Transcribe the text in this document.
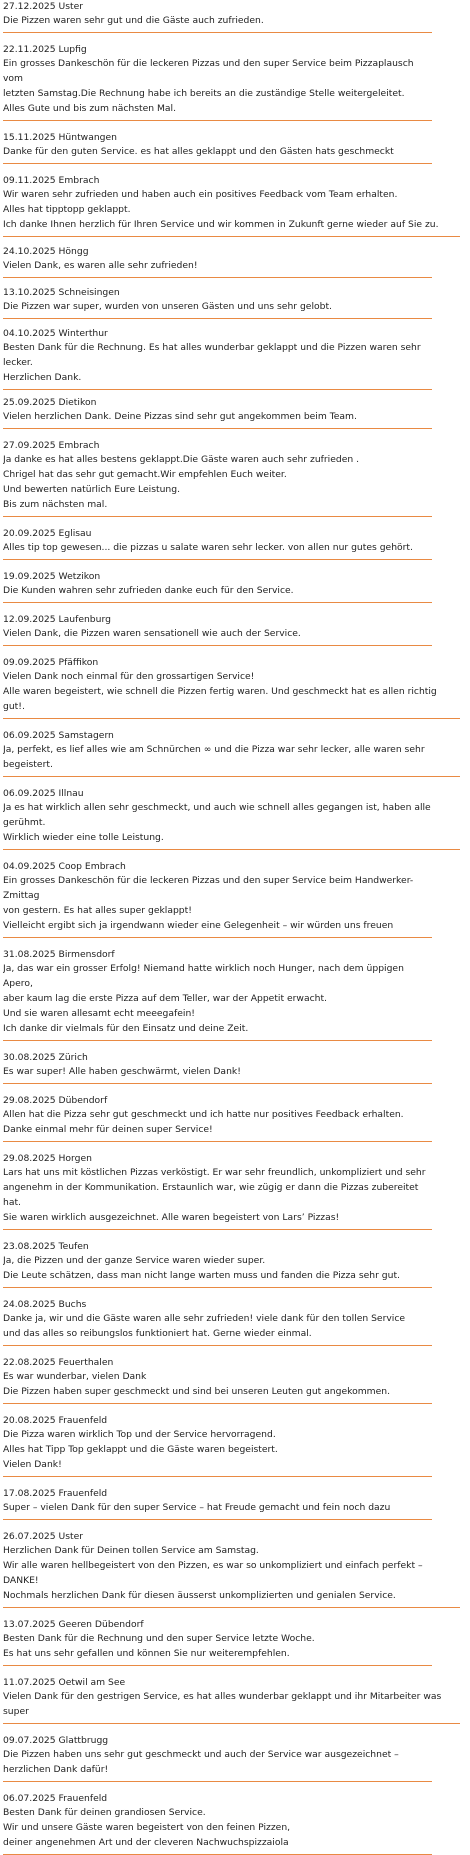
27.12.2025 Uster
Die Pizzen waren sehr gut und die Gäste auch zufrieden.
22.11.2025 Lupfig
Ein grosses Dankeschön für die leckeren Pizzas und den super Service beim Pizzaplausch vom
letzten Samstag.Die Rechnung habe ich bereits an die zuständige Stelle weitergeleitet.
Alles Gute und bis zum nächsten Mal.
15.11.2025 Hüntwangen
Danke für den guten Service. es hat alles geklappt und den Gästen hats geschmeckt
09.11.2025 Embrach
Wir waren sehr zufrieden und haben auch ein positives Feedback vom Team erhalten.
Alles hat tipptopp geklappt.
Ich danke Ihnen herzlich für Ihren Service und wir kommen in Zukunft gerne wieder auf Sie zu.
24.10.2025 Höngg
Vielen Dank, es waren alle sehr zufrieden!
13.10.2025 Schneisingen
Die Pizzen war super, wurden von unseren Gästen und uns sehr gelobt.
04.10.2025 Winterthur
Besten Dank für die Rechnung. Es hat alles wunderbar geklappt und die Pizzen waren sehr lecker.
Herzlichen Dank.
25.09.2025 Dietikon
Vielen herzlichen Dank. Deine Pizzas sind sehr gut angekommen beim Team.
27.09.2025 Embrach
Ja danke es hat alles bestens geklappt.Die Gäste waren auch sehr zufrieden .
Chrigel hat das sehr gut gemacht.Wir empfehlen Euch weiter.
Und bewerten natürlich Eure Leistung.
Bis zum nächsten mal.
20.09.2025 Eglisau
Alles tip top gewesen... die pizzas u salate waren sehr lecker. von allen nur gutes gehört.
19.09.2025 Wetzikon
Die Kunden wahren sehr zufrieden danke euch für den Service.
12.09.2025 Laufenburg
Vielen Dank, die Pizzen waren sensationell wie auch der Service.
09.09.2025 Pfäffikon
Vielen Dank noch einmal für den grossartigen Service!
Alle waren begeistert, wie schnell die Pizzen fertig waren. Und geschmeckt hat es allen richtig gut!.
06.09.2025 Samstagern
Ja, perfekt, es lief alles wie am Schnürchen ∞ und die Pizza war sehr lecker, alle waren sehr begeistert.
06.09.2025 Illnau
Ja es hat wirklich allen sehr geschmeckt, und auch wie schnell alles gegangen ist, haben alle gerühmt.
Wirklich wieder eine tolle Leistung.
04.09.2025 Coop Embrach
Ein grosses Dankeschön für die leckeren Pizzas und den super Service beim Handwerker-Zmittag
von gestern. Es hat alles super geklappt!
Vielleicht ergibt sich ja irgendwann wieder eine Gelegenheit – wir würden uns freuen
31.08.2025 Birmensdorf
Ja, das war ein grosser Erfolg! Niemand hatte wirklich noch Hunger, nach dem üppigen Apero,
aber kaum lag die erste Pizza auf dem Teller, war der Appetit erwacht.
Und sie waren allesamt echt meeegafein!
Ich danke dir vielmals für den Einsatz und deine Zeit.
30.08.2025 Zürich
Es war super! Alle haben geschwärmt, vielen Dank!
29.08.2025 Dübendorf
Allen hat die Pizza sehr gut geschmeckt und ich hatte nur positives Feedback erhalten.
Danke einmal mehr für deinen super Service!
29.08.2025 Horgen
Lars hat uns mit köstlichen Pizzas verköstigt. Er war sehr freundlich, unkompliziert und sehr
angenehm in der Kommunikation. Erstaunlich war, wie zügig er dann die Pizzas zubereitet hat.
Sie waren wirklich ausgezeichnet. Alle waren begeistert von Lars’ Pizzas!
23.08.2025 Teufen
Ja, die Pizzen und der ganze Service waren wieder super.
Die Leute schätzen, dass man nicht lange warten muss und fanden die Pizza sehr gut.
24.08.2025 Buchs
Danke ja, wir und die Gäste waren alle sehr zufrieden! viele dank für den tollen Service
und das alles so reibungslos funktioniert hat. Gerne wieder einmal.
22.08.2025 Feuerthalen
Es war wunderbar, vielen Dank
Die Pizzen haben super geschmeckt und sind bei unseren Leuten gut angekommen.
20.08.2025 Frauenfeld
Die Pizza waren wirklich Top und der Service hervorragend.
Alles hat Tipp Top geklappt und die Gäste waren begeistert.
Vielen Dank!
17.08.2025 Frauenfeld
Super – vielen Dank für den super Service – hat Freude gemacht und fein noch dazu
26.07.2025 Uster
Herzlichen Dank für Deinen tollen Service am Samstag.
Wir alle waren hellbegeistert von den Pizzen, es war so unkompliziert und einfach perfekt – DANKE!
Nochmals herzlichen Dank für diesen äusserst unkomplizierten und genialen Service.
13.07.2025 Geeren Dübendorf
Besten Dank für die Rechnung und den super Service letzte Woche.
Es hat uns sehr gefallen und können Sie nur weiterempfehlen.
11.07.2025 Oetwil am See
Vielen Dank für den gestrigen Service, es hat alles wunderbar geklappt und ihr Mitarbeiter was super
09.07.2025 Glattbrugg
Die Pizzen haben uns sehr gut geschmeckt und auch der Service war ausgezeichnet –
herzlichen Dank dafür!
06.07.2025 Frauenfeld
Besten Dank für deinen grandiosen Service.
Wir und unsere Gäste waren begeistert von den feinen Pizzen,
deiner angenehmen Art und der cleveren Nachwuchspizzaiola
